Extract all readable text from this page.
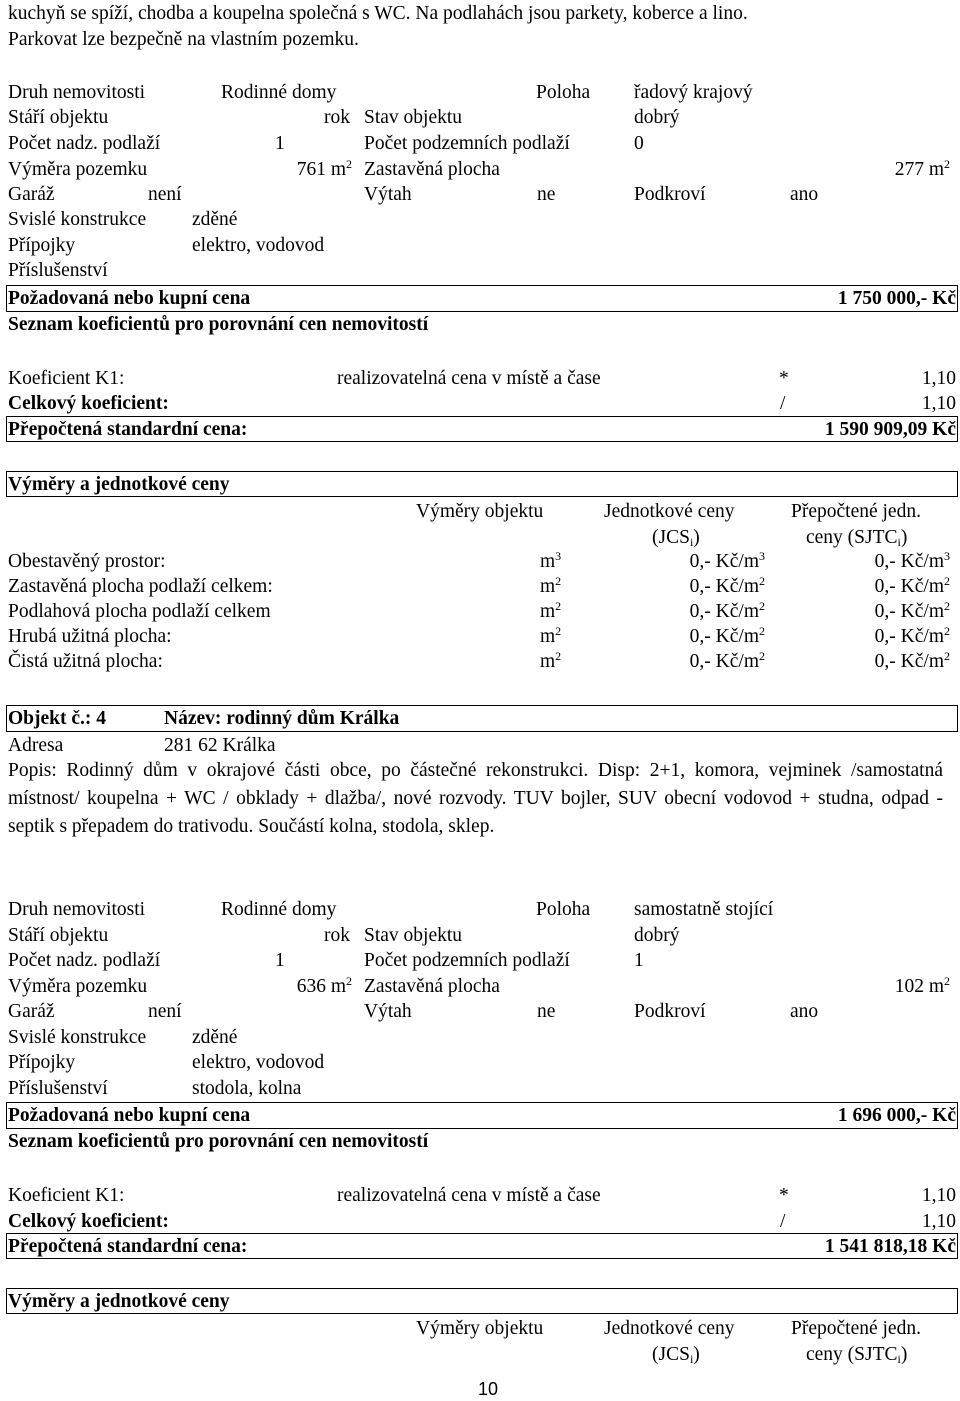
kuchyň se spíží, chodba a koupelna společná s WC. Na podlahách jsou parkety, koberce a lino.
Parkovat lze bezpečně na vlastním pozemku.
Druh nemovitosti	Rodinné domy	Poloha řadový krajový
Stáří objektu	rok Stav objektu	dobrý
Počet nadz. podlaží	1	Počet podzemních podlaží	0
Výměra pozemku	761 $m^2$ Zastavěná plocha	277 $m^2$
Garáž	není	Výtah	ne	Podkroví	ano
Svislé konstrukce zděné
Přípojky	elektro, vodovod
Příslušenství
Požadovaná nebo kupní cena	1 750 000,- Kč
Seznam koeficientů pro porovnání cen nemovitostí
Koeficient K1:	realizovatelná cena v místě a čase	*	1,10
Celkový koeficient:	/	1,10
Přepočtená standardní cena:	1 590 909,09 Kč
Výměry a jednotkové ceny
Výměry objektu	Jednotkové ceny	Přepočtené jedn.
$(JCS_i)$	ceny $(SJTC_i)$
Obestavěný prostor:	$m^3$	0,- $Kč/m^3$	0,- $Kč/m^3$
Zastavěná plocha podlaží celkem:	$m^2$	0,- $Kč/m^2$	0,- $Kč/m^2$
Podlahová plocha podlaží celkem	$m^2$	0,- $Kč/m^2$	0,- $Kč/m^2$
Hrubá užitná plocha:	$m^2$	0,- $Kč/m^2$	0,- $Kč/m^2$
Čistá užitná plocha:	$m^2$	0,- $Kč/m^2$	0,- $Kč/m^2$
Objekt č.: 4	Název: rodinný dům Králka
Adresa	281 62 Králka
Popis: Rodinný dům v okrajové části obce, po částečné rekonstrukci. Disp: 2+1, komora, vejminek /samostatná místnost/ koupelna + WC / obklady + dlažba/, nové rozvody. TUV bojler, SUV obecní vodovod + studna, odpad - septik s přepadem do trativodu. Součástí kolna, stodola, sklep.
Druh nemovitosti	Rodinné domy	Poloha samostatně stojící
Stáří objektu	rok Stav objektu	dobrý
Počet nadz. podlaží	1	Počet podzemních podlaží	1
Výměra pozemku	636 $m^2$ Zastavěná plocha	102 $m^2$
Garáž	není	Výtah	ne	Podkroví	ano
Svislé konstrukce zděné
Přípojky	elektro, vodovod
Příslušenství	stodola, kolna
Požadovaná nebo kupní cena	1 696 000,- Kč
Seznam koeficientů pro porovnání cen nemovitostí
Koeficient K1:	realizovatelná cena v místě a čase	*	1,10
Celkový koeficient:	/	1,10
Přepočtená standardní cena:	1 541 818,18 Kč
Výměry a jednotkové ceny
Výměry objektu	Jednotkové ceny	Přepočtené jedn.
$(JCS_i)$	ceny $(SJTC_i)$
10
